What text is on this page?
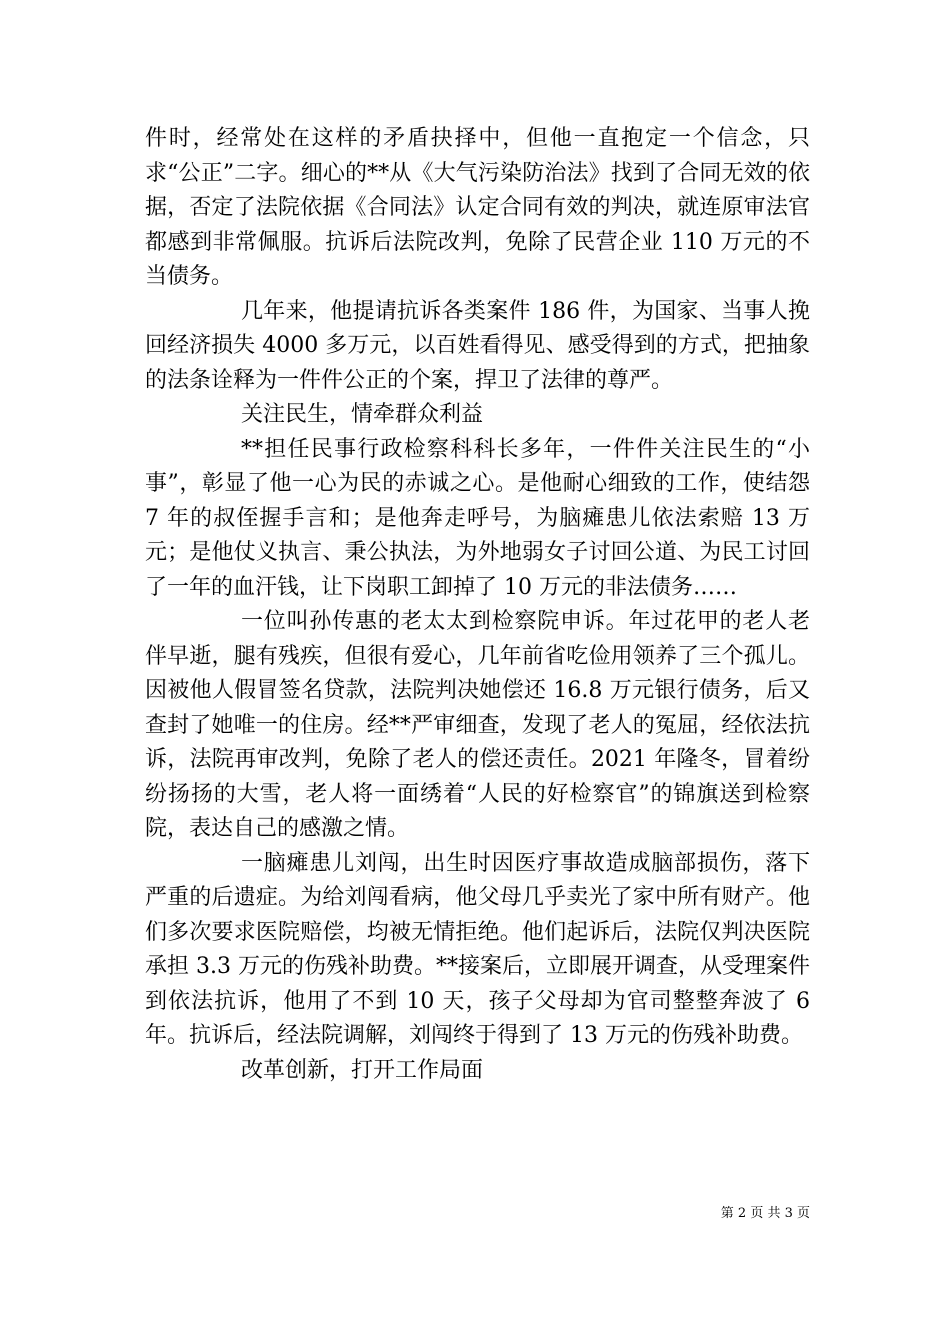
件时，经常处在这样的矛盾抉择中，但他一直抱定一个信念，只求“公正”二字。细心的**从《大气污染防治法》找到了合同无效的依据，否定了法院依据《合同法》认定合同有效的判决，就连原审法官都感到非常佩服。抗诉后法院改判，免除了民营企业 110 万元的不当债务。

几年来，他提请抗诉各类案件 186 件，为国家、当事人挽回经济损失 4000 多万元，以百姓看得见、感受得到的方式，把抽象的法条诠释为一件件公正的个案，捍卫了法律的尊严。

关注民生，情牵群众利益

**担任民事行政检察科科长多年，一件件关注民生的“小事”，彰显了他一心为民的赤诚之心。是他耐心细致的工作，使结怨 7 年的叔侄握手言和；是他奔走呼号，为脑瘫患儿依法索赔 13 万元；是他仗义执言、秉公执法，为外地弱女子讨回公道、为民工讨回了一年的血汗钱，让下岗职工卸掉了 10 万元的非法债务……

一位叫孙传惠的老太太到检察院申诉。年过花甲的老人老伴早逝，腿有残疾，但很有爱心，几年前省吃俭用领养了三个孤儿。因被他人假冒签名贷款，法院判决她偿还 16.8 万元银行债务，后又查封了她唯一的住房。经**严审细查，发现了老人的冤屈，经依法抗诉，法院再审改判，免除了老人的偿还责任。2021 年隆冬，冒着纷纷扬扬的大雪，老人将一面绣着“人民的好检察官”的锦旗送到检察院，表达自己的感激之情。

一脑瘫患儿刘闯，出生时因医疗事故造成脑部损伤，落下严重的后遗症。为给刘闯看病，他父母几乎卖光了家中所有财产。他们多次要求医院赔偿，均被无情拒绝。他们起诉后，法院仅判决医院承担 3.3 万元的伤残补助费。**接案后，立即展开调查，从受理案件到依法抗诉，他用了不到 10 天，孩子父母却为官司整整奔波了 6 年。抗诉后，经法院调解，刘闯终于得到了 13 万元的伤残补助费。

改革创新，打开工作局面

第 2 页 共 3 页
